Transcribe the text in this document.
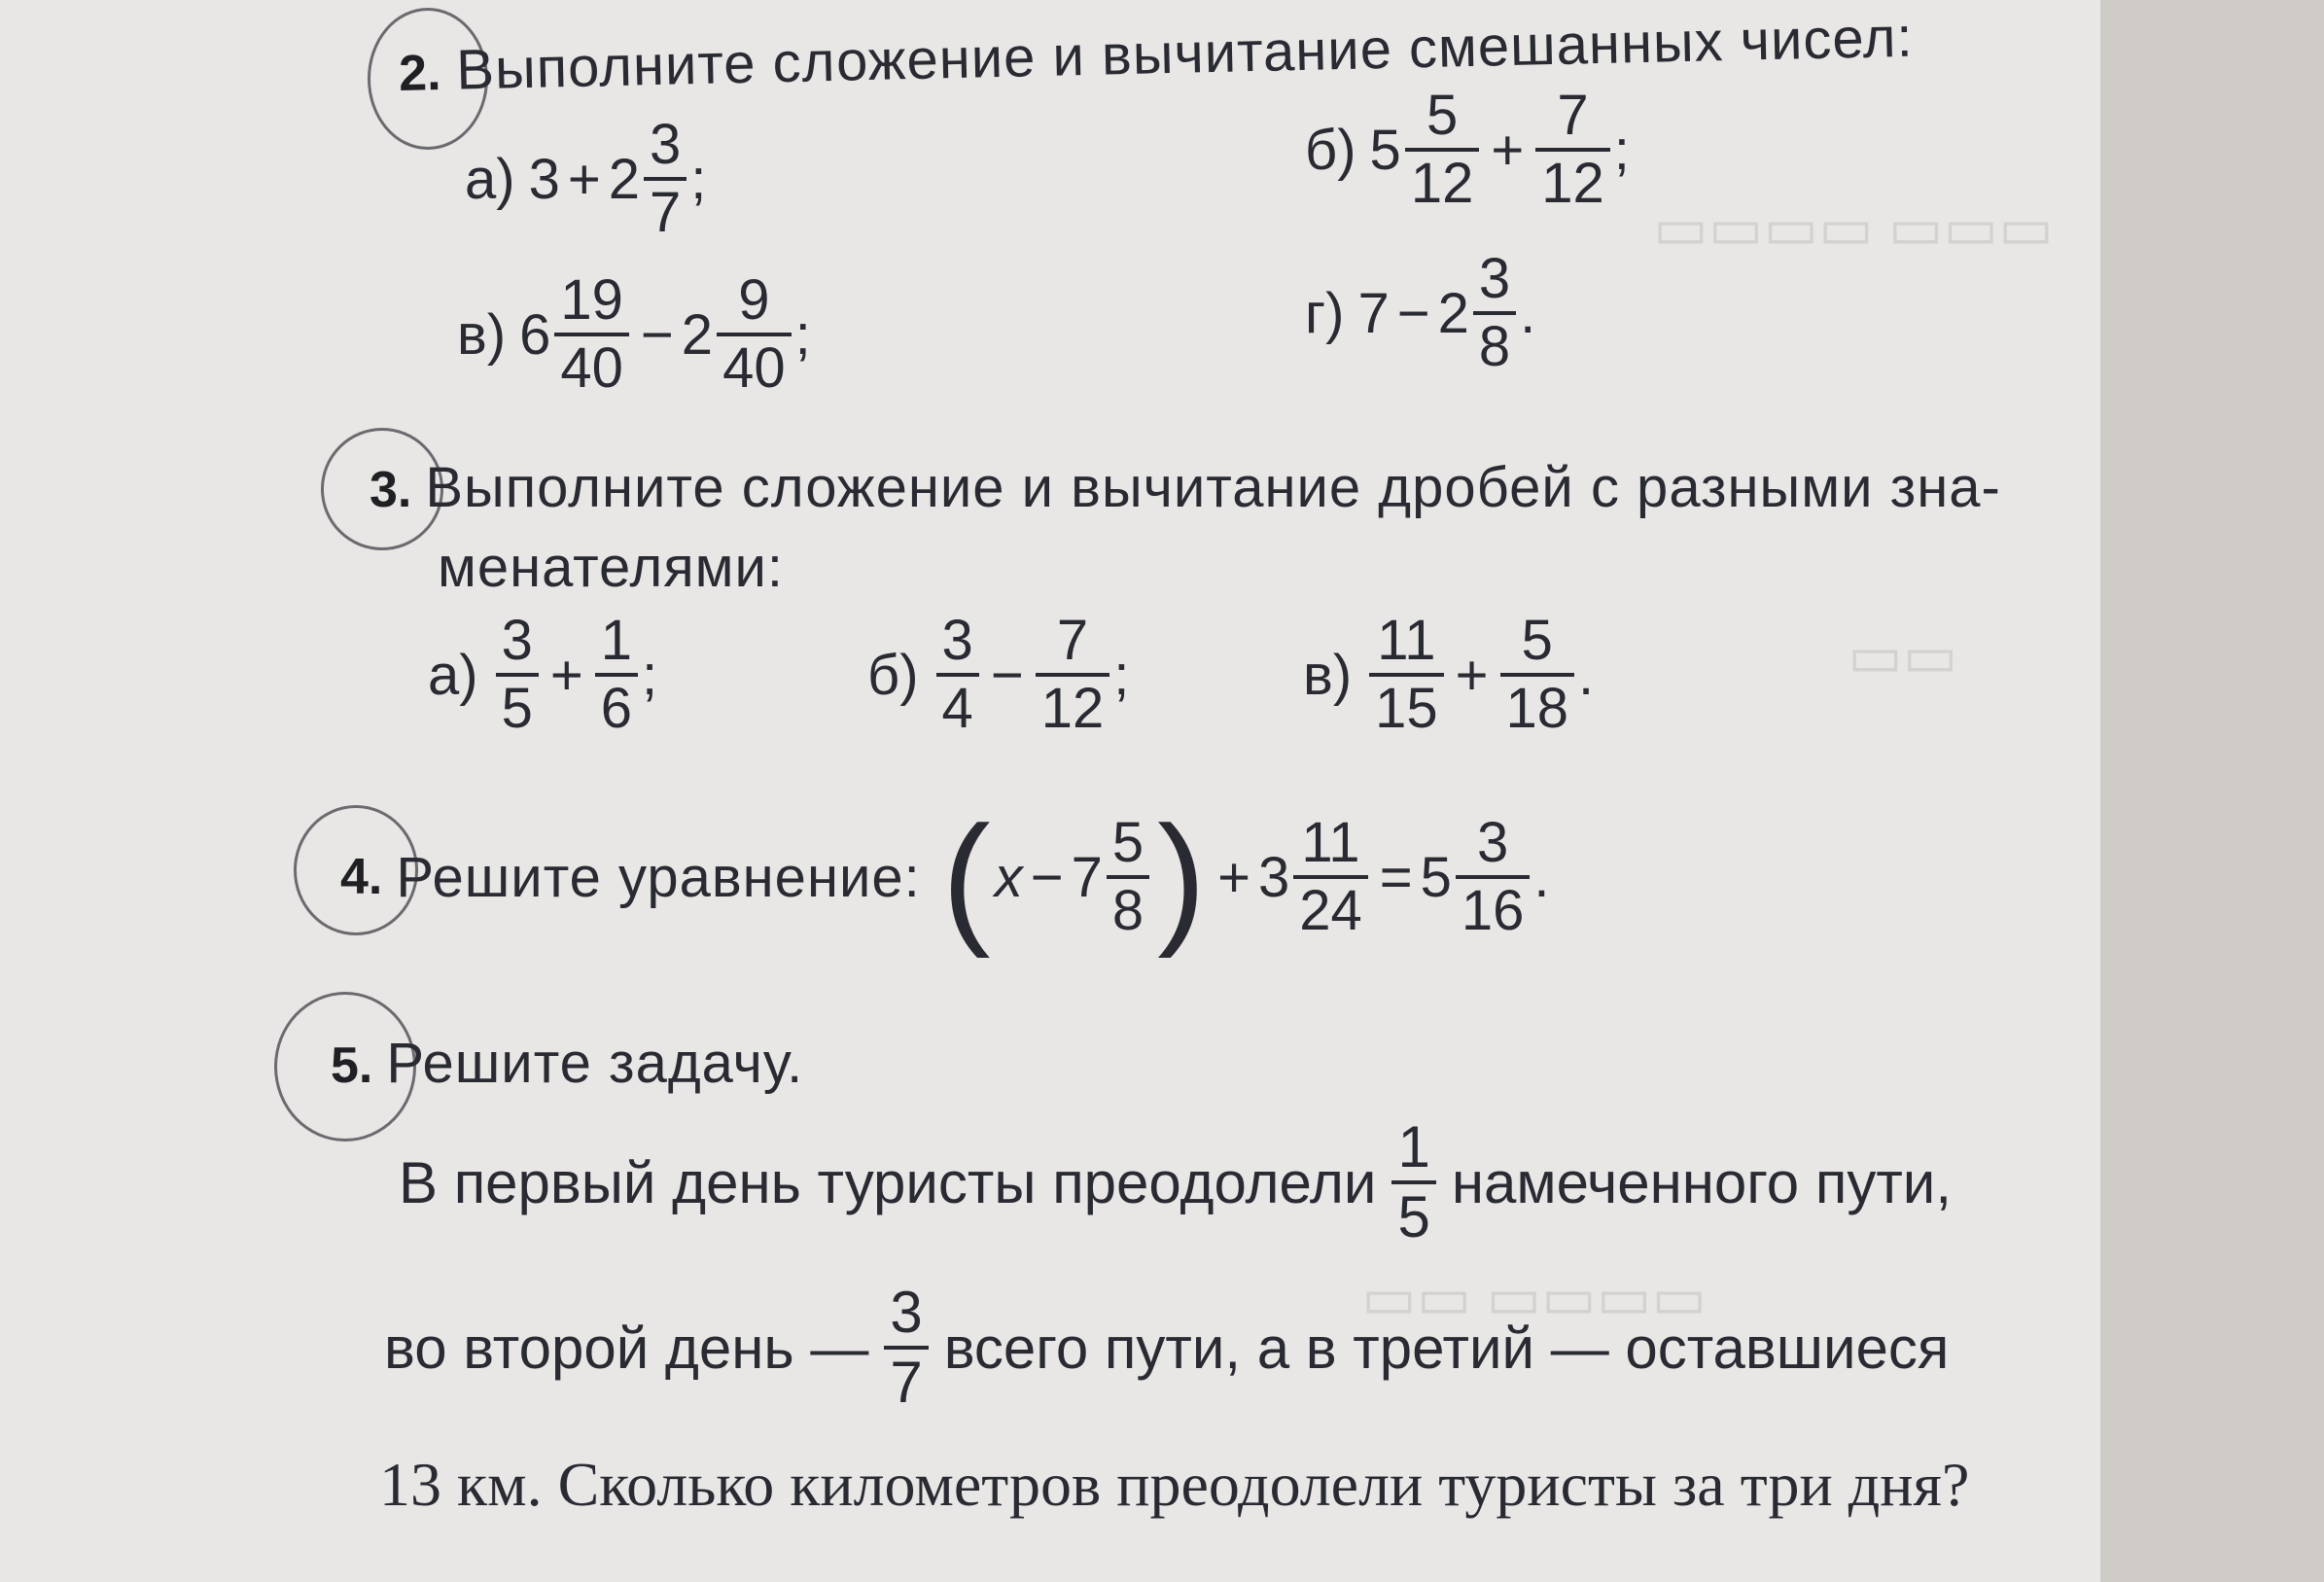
▭▭▭ ▭▭▭▭
▭▭
▭▭▭▭ ▭▭
2. Выполните сложение и вычитание смешанных чисел:
а) $3 + 2 \frac{3}{7}$ ;	б) $5 \frac{5}{12} + \frac{7}{12}$ ;
в) $6 \frac{19}{40} - 2 \frac{9}{40}$ ;	г) $7 - 2 \frac{3}{8}$ .
3. Выполните сложение и вычитание дробей с разными зна-
менателями:
$а) \frac{3}{5} + \frac{1}{6}$ ;	$б) \frac{3}{4} - \frac{7}{12}$ ;	$в) \frac{11}{15} + \frac{5}{18}$ .
4. Решите уравнение: ( $x - 7 \frac{5}{8}$ ) + $3 \frac{11}{24} = 5 \frac{3}{16}$ .
5. Решите задачу.
В первый день туристы преодолели $\frac{1}{5}$ намеченного пути,
во второй день — $\frac{3}{7}$ всего пути, а в третий — оставшиеся
13 км. Сколько километров преодолели туристы за три дня?
